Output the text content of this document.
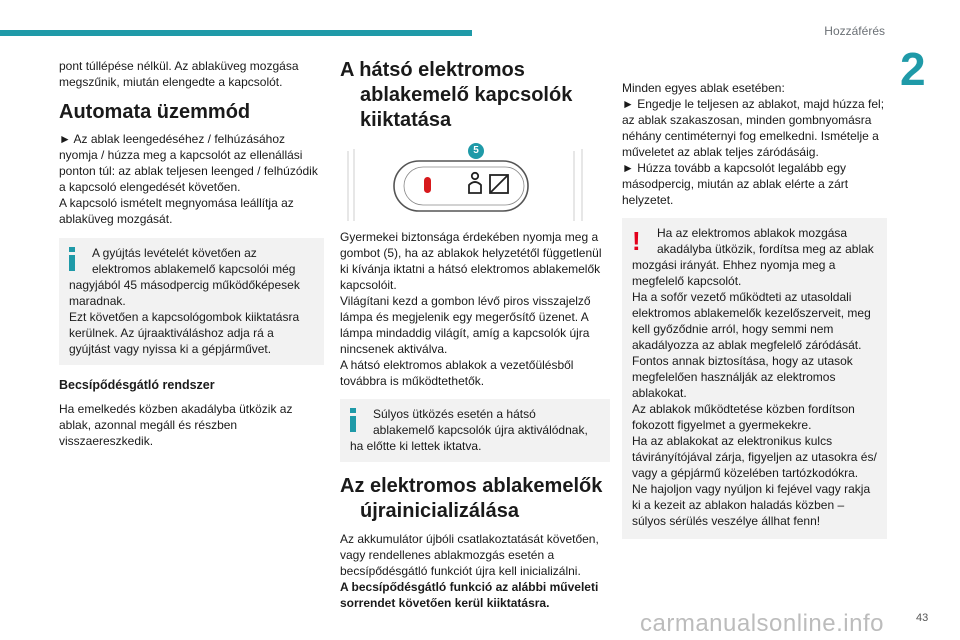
Hozzáférés
2

pont túllépése nélkül. Az ablaküveg mozgása megszűnik, miután elengedte a kapcsolót.

Automata üzemmód

► Az ablak leengedéséhez / felhúzásához nyomja / húzza meg a kapcsolót az ellenállási ponton túl: az ablak teljesen leenged / felhúzódik a kapcsoló elengedését követően.
A kapcsoló ismételt megnyomása leállítja az ablaküveg mozgását.

A gyújtás levételét követően az elektromos ablakemelő kapcsolói még

nagyjából 45 másodpercig működőképesek maradnak.
Ezt követően a kapcsológombok kiiktatásra kerülnek. Az újraaktiváláshoz adja rá a gyújtást vagy nyissa ki a gépjárművet.

Becsípődésgátló rendszer

Ha emelkedés közben akadályba ütközik az ablak, azonnal megáll és részben visszaereszkedik.

A hátsó elektromos ablakemelő kapcsolók kiiktatása
5

Gyermekei biztonsága érdekében nyomja meg a gombot (5), ha az ablakok helyzetétől függetlenül ki kívánja iktatni a hátsó elektromos ablakemelők kapcsolóit.
Világítani kezd a gombon lévő piros visszajelző lámpa és megjelenik egy megerősítő üzenet. A lámpa mindaddig világít, amíg a kapcsolók újra nincsenek aktiválva.
A hátsó elektromos ablakok a vezetőülésből továbbra is működtethetők.

Súlyos ütközés esetén a hátsó ablakemelő kapcsolók újra aktiválódnak,

ha előtte ki lettek iktatva.

Az elektromos ablakemelők újrainicializálása

Az akkumulátor újbóli csatlakoztatását követően, vagy rendellenes ablakmozgás esetén a becsípődésgátló funkciót újra kell inicializálni.

A becsípődésgátló funkció az alábbi műveleti sorrendet követően kerül kiiktatásra.

Minden egyes ablak esetében:
► Engedje le teljesen az ablakot, majd húzza fel; az ablak szakaszosan, minden gombnyomásra néhány centiméternyi fog emelkedni. Ismételje a műveletet az ablak teljes záródásáig.
► Húzza tovább a kapcsolót legalább egy másodpercig, miután az ablak elérte a zárt helyzetet.

!	Ha az elektromos ablakok mozgása akadályba ütközik, fordítsa meg az ablak

mozgási irányát. Ehhez nyomja meg a megfelelő kapcsolót.
Ha a sofőr vezető működteti az utasoldali elektromos ablakemelők kezelőszerveit, meg kell győződnie arról, hogy semmi nem akadályozza az ablak megfelelő záródását.
Fontos annak biztosítása, hogy az utasok megfelelően használják az elektromos ablakokat.
Az ablakok működtetése közben fordítson fokozott figyelmet a gyermekekre.
Ha az ablakokat az elektronikus kulcs távirányítójával zárja, figyeljen az utasokra és/ vagy a gépjármű közelében tartózkodókra.
Ne hajoljon vagy nyúljon ki fejével vagy rakja ki a kezeit az ablakon haladás közben – súlyos sérülés veszélye állhat fenn!

carmanualsonline.info	43
